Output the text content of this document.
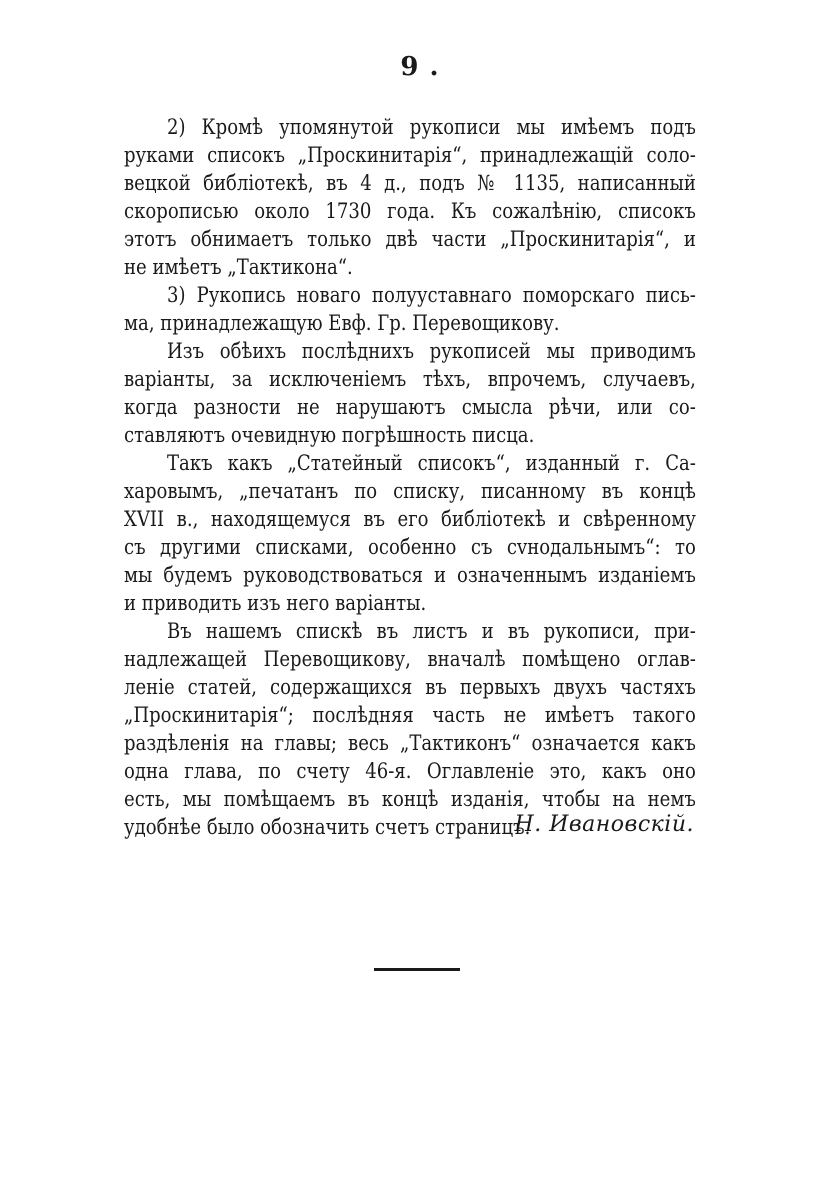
9 .
2) Кромѣ упомянутой рукописи мы имѣемъ подъ
руками списокъ „Проскинитарія“, принадлежащій соло-
вецкой библіотекѣ, въ 4 д., подъ № 1135, написанный
скорописью около 1730 года. Къ сожалѣнію, списокъ
этотъ обнимаетъ только двѣ части „Проскинитарія“, и
не имѣетъ „Тактикона“.
3) Рукопись новаго полууставнаго поморскаго пись-
ма, принадлежащую Евф. Гр. Перевощикову.
Изъ обѣихъ послѣднихъ рукописей мы приводимъ
варіанты, за исключеніемъ тѣхъ, впрочемъ, случаевъ,
когда разности не нарушаютъ смысла рѣчи, или со-
ставляютъ очевидную погрѣшность писца.
Такъ какъ „Статейный списокъ“, изданный г. Са-
харовымъ, „печатанъ по списку, писанному въ концѣ
XVII в., находящемуся въ его библіотекѣ и свѣренному
съ другими списками, особенно съ сvнодальнымъ“: то
мы будемъ руководствоваться и означеннымъ изданіемъ
и приводить изъ него варіанты.
Въ нашемъ спискѣ въ листъ и въ рукописи, при-
надлежащей Перевощикову, вначалѣ помѣщено оглав-
леніе статей, содержащихся въ первыхъ двухъ частяхъ
„Проскинитарія“; послѣдняя часть не имѣетъ такого
раздѣленія на главы; весь „Тактиконъ“ означается какъ
одна глава, по счету 46-я. Оглавленіе это, какъ оно
есть, мы помѣщаемъ въ концѣ изданія, чтобы на немъ
удобнѣе было обозначить счетъ страницъ.
Н. Ивановскій.
